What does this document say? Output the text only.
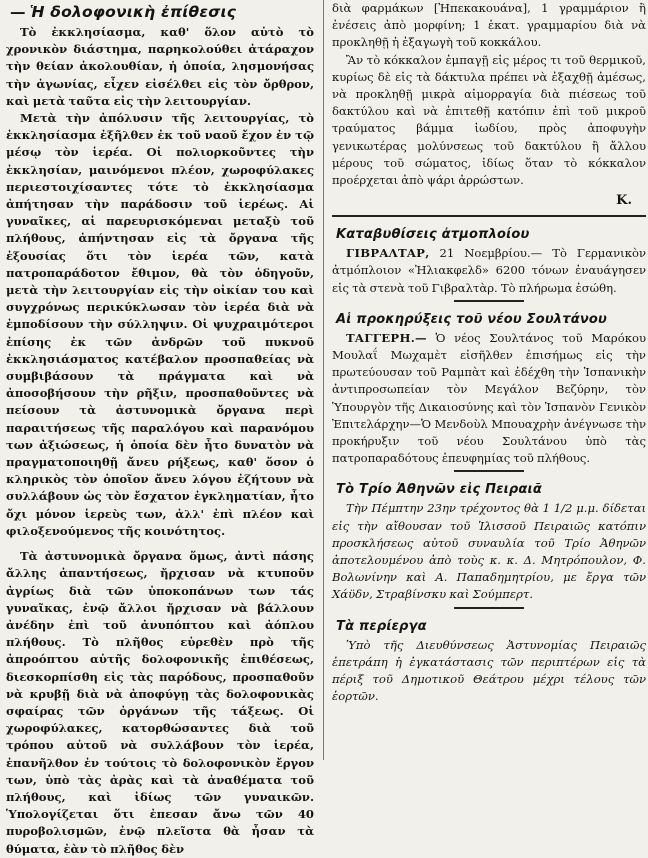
— Ἡ δολοφονικὴ ἐπίθεσις

Τὸ ἐκκλησίασμα, καθ' ὅλον αὐτὸ τὸ χρονικὸν διάστημα, παρηκολούθει ἀτάραχον τὴν θείαν ἀκολουθίαν, ἡ ὁποία, λησμονήσας τὴν ἀγωνίας, εἶχεν εἰσέλθει εἰς τὸν ὄρθρον, καὶ μετὰ ταῦτα εἰς τὴν λειτουργίαν.

Μετὰ τὴν ἀπόλυσιν τῆς λειτουργίας, τὸ ἐκκλησίασμα ἐξῆλθεν ἐκ τοῦ ναοῦ ἔχον ἐν τῷ μέσῳ τὸν ἱερέα. Οἱ πολιορκοῦντες τὴν ἐκκλησίαν, μαινόμενοι πλέον, χωροφύλακες περιεστοιχίσαντες τότε τὸ ἐκκλησίασμα ἀπήτησαν τὴν παράδοσιν τοῦ ἱερέως. Αἱ γυναῖκες, αἱ παρευρισκόμεναι μεταξὺ τοῦ πλήθους, ἀπήντησαν εἰς τὰ ὄργανα τῆς ἐξουσίας ὅτι τὸν ἱερέα τῶν, κατὰ πατροπαράδοτον ἔθιμον, θὰ τὸν ὁδηγοῦν, μετὰ τὴν λειτουργίαν εἰς τὴν οἰκίαν του καὶ συγχρόνως περικύκλωσαν τὸν ἱερέα διὰ νὰ ἐμποδίσουν τὴν σύλληψιν. Οἱ ψυχραιμότεροι ἐπίσης ἐκ τῶν ἀνδρῶν τοῦ πυκνοῦ ἐκκλησιάσματος κατέβαλον προσπαθείας νὰ συμβιβάσουν τὰ πράγματα καὶ νὰ ἀποσοβήσουν τὴν ρῆξιν, προσπαθοῦντες νὰ πείσουν τὰ ἀστυνομικὰ ὄργανα περὶ παραιτήσεως τῆς παραλόγου καὶ παρανόμου των ἀξιώσεως, ἡ ὁποία δὲν ἦτο δυνατὸν νὰ πραγματοποιηθῇ ἄνευ ρήξεως, καθ' ὅσον ὁ κληρικὸς τὸν ὁποῖον ἄνευ λόγου ἐζήτουν νὰ συλλάβουν ὡς τὸν ἔσχατον ἐγκληματίαν, ἦτο ὄχι μόνον ἱερεὺς των, ἀλλ' ἐπὶ πλέον καὶ φιλοξενούμενος τῆς κοινότητος.

Τὰ ἀστυνομικὰ ὄργανα ὅμως, ἀντὶ πάσης ἄλλης ἀπαντήσεως, ἤρχισαν νὰ κτυποῦν ἀγρίως διὰ τῶν ὑποκοπάνων των τάς γυναῖκας, ἐνῷ ἄλλοι ἤρχισαν νὰ βάλλουν ἀνέδην ἐπὶ τοῦ ἀνυπόπτου καὶ ἀόπλου πλήθους. Τὸ πλῆθος εὑρεθὲν πρὸ τῆς ἀπροόπτου αὐτῆς δολοφονικῆς ἐπιθέσεως, διεσκορπίσθη εἰς τὰς παρόδους, προσπαθοῦν νὰ κρυβῇ διὰ νὰ ἀποφύγῃ τὰς δολοφονικὰς σφαίρας τῶν ὀργάνων τῆς τάξεως. Οἱ χωροφύλακες, κατορθώσαντες διὰ τοῦ τρόπου αὐτοῦ νὰ συλλάβουν τὸν ἱερέα, ἐπανῆλθον ἐν τούτοις τὸ δολοφονικὸν ἔργον των, ὑπὸ τὰς ἀρὰς καὶ τὰ ἀναθέματα τοῦ πλήθους, καὶ ἰδίως τῶν γυναικῶν. Ὑπολογίζεται ὅτι ἐπεσαν ἄνω τῶν 40 πυροβολισμῶν, ἐνῷ πλεῖστα θὰ ἦσαν τὰ θύματα, ἐὰν τὸ πλῆθος δὲν

διὰ φαρμάκων [Ἠπεκακουάνα], 1 γραμμάριον ἢ ἐνέσεις ἀπὸ μορφίνη; 1 ἑκατ. γραμμαρίου διὰ νὰ προκληθῇ ἡ ἐξαγωγὴ τοῦ κοκκάλου.

Ἂν τὸ κόκκαλον ἐμπαγῇ εἰς μέρος τι τοῦ θερμικοῦ, κυρίως δὲ εἰς τὰ δάκτυλα πρέπει νὰ ἐξαχθῇ ἀμέσως, νὰ προκληθῇ μικρὰ αἱμορραγία διὰ πιέσεως τοῦ δακτύλου καὶ νὰ ἐπιτεθῇ κατόπιν ἐπὶ τοῦ μικροῦ τραύματος βάμμα ἰωδίου, πρὸς ἀποφυγὴν γενικωτέρας μολύνσεως τοῦ δακτύλου ἢ ἄλλου μέρους τοῦ σώματος, ἰδίως ὅταν τὸ κόκκαλον προέρχεται ἀπὸ ψάρι ἀρρώστων.

Κ.
Καταβυθίσεις ἀτμοπλοίου

ΓΙΒΡΑΛΤΑΡ, 21 Νοεμβρίου.— Τὸ Γερμανικὸν ἀτμόπλοιον «Ἠλιακφελδ» 6200 τόνων ἐναυάγησεν εἰς τὰ στενὰ τοῦ Γιβραλτὰρ. Τὸ πλήρωμα ἐσώθη.

Αἱ προκηρύξεις τοῦ νέου Σουλτάνου

ΤΑΓΓΕΡΗ.— Ὁ νέος Σουλτάνος τοῦ Μαρόκου Μουλαΐ Μωχαμὲτ εἰσῆλθεν ἐπισήμως εἰς τὴν πρωτεύουσαν τοῦ Ραμπὰτ καὶ ἐδέχθη τὴν Ἰσπανικὴν ἀντιπροσωπείαν τὸν Μεγάλον Βεζύρην, τὸν Ὑπουργὸν τῆς Δικαιοσύνης καὶ τὸν Ἰσπανὸν Γενικὸν Ἐπιτελάρχην—Ὁ Μενδοὺλ Μπουαχρὴν ἀνέγνωσε τὴν προκήρυξιν τοῦ νέου Σουλτάνου ὑπὸ τὰς πατροπαραδότους ἐπευφημίας τοῦ πλήθους.

Τὸ Τρίο Ἀθηνῶν εἰς Πειραιᾶ

Τὴν Πέμπτην 23ην τρέχοντος θὰ 1 1/2 μ.μ. δίδεται εἰς τὴν αἴθουσαν τοῦ Ἱλισσοῦ Πειραιῶς κατόπιν προσκλήσεως αὐτοῦ συναυλία τοῦ Τρίο Ἀθηνῶν ἀποτελουμένου ἀπὸ τοὺς κ. κ. Δ. Μητρόπουλον, Φ. Βολωνίνην καὶ Α. Παπαδημητρίου, με ἔργα τῶν Χάϋδν, Στραβίνσκυ καὶ Σούμπερτ.

Τὰ περίεργα

Ὑπὸ τῆς Διευθύνσεως Ἀστυνομίας Πειραιῶς ἐπετράπη ἡ ἐγκατάστασις τῶν περιπτέρων εἰς τὰ πέριξ τοῦ Δημοτικοῦ Θεάτρου μέχρι τέλους τῶν ἑορτῶν.
